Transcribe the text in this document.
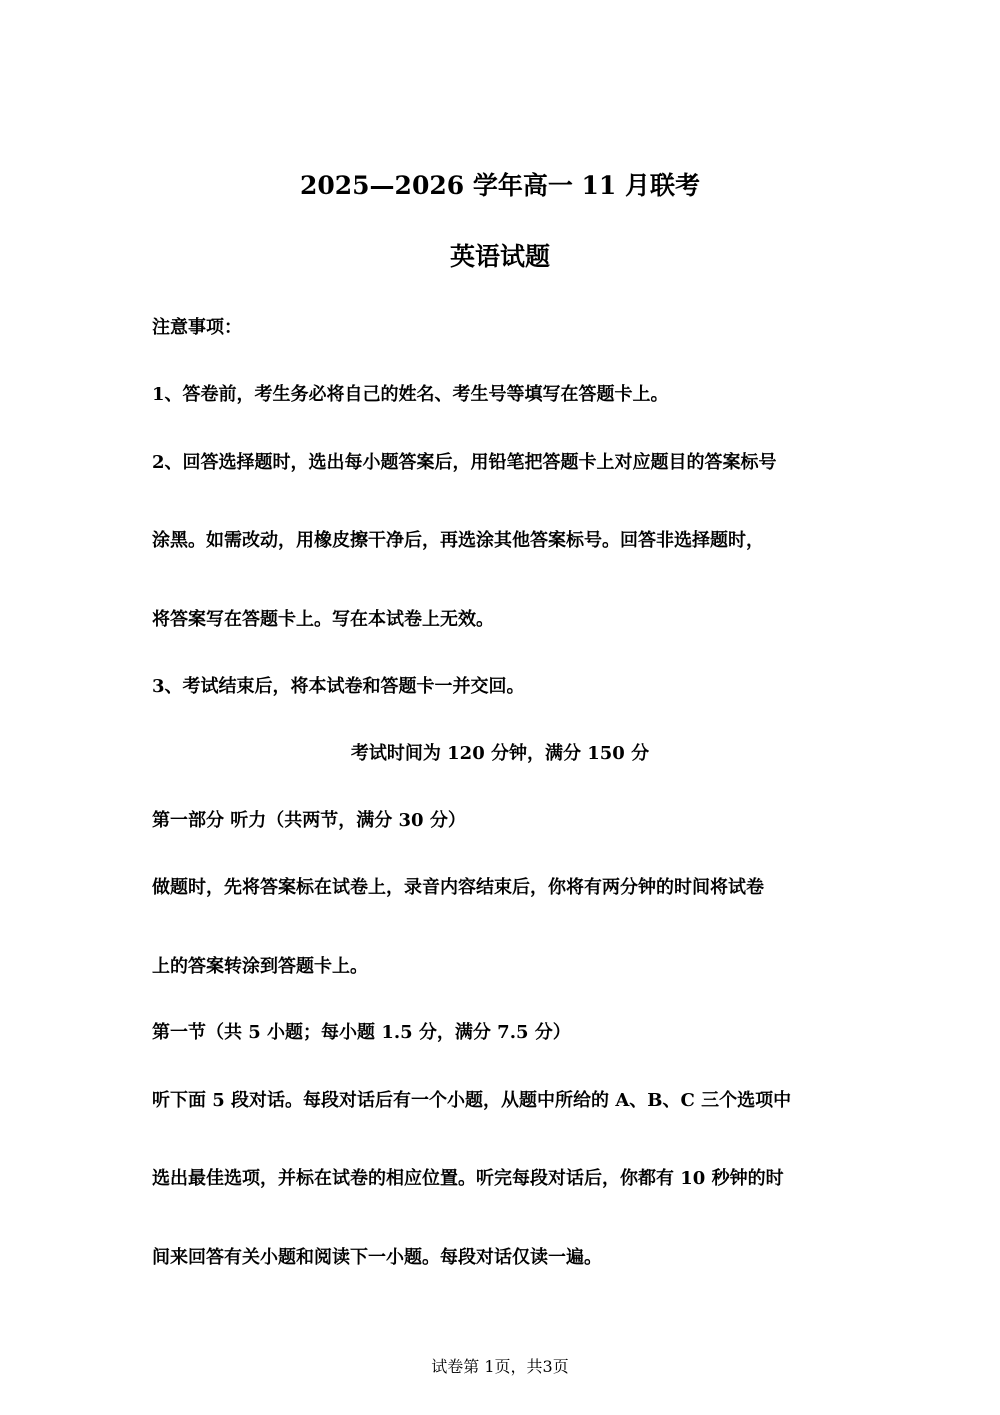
2025—2026 学年高一 11 月联考
英语试题
注意事项：
1、答卷前，考生务必将自己的姓名、考生号等填写在答题卡上。
2、回答选择题时，选出每小题答案后，用铅笔把答题卡上对应题目的答案标号
涂黑。如需改动，用橡皮擦干净后，再选涂其他答案标号。回答非选择题时，
将答案写在答题卡上。写在本试卷上无效。
3、考试结束后，将本试卷和答题卡一并交回。
考试时间为 120 分钟，满分 150 分
第一部分 听力（共两节，满分 30 分）
做题时，先将答案标在试卷上，录音内容结束后，你将有两分钟的时间将试卷
上的答案转涂到答题卡上。
第一节（共 5 小题；每小题 1.5 分，满分 7.5 分）
听下面 5 段对话。每段对话后有一个小题，从题中所给的 A、B、C 三个选项中
选出最佳选项，并标在试卷的相应位置。听完每段对话后，你都有 10 秒钟的时
间来回答有关小题和阅读下一小题。每段对话仅读一遍。
试卷第 1页，共3页
